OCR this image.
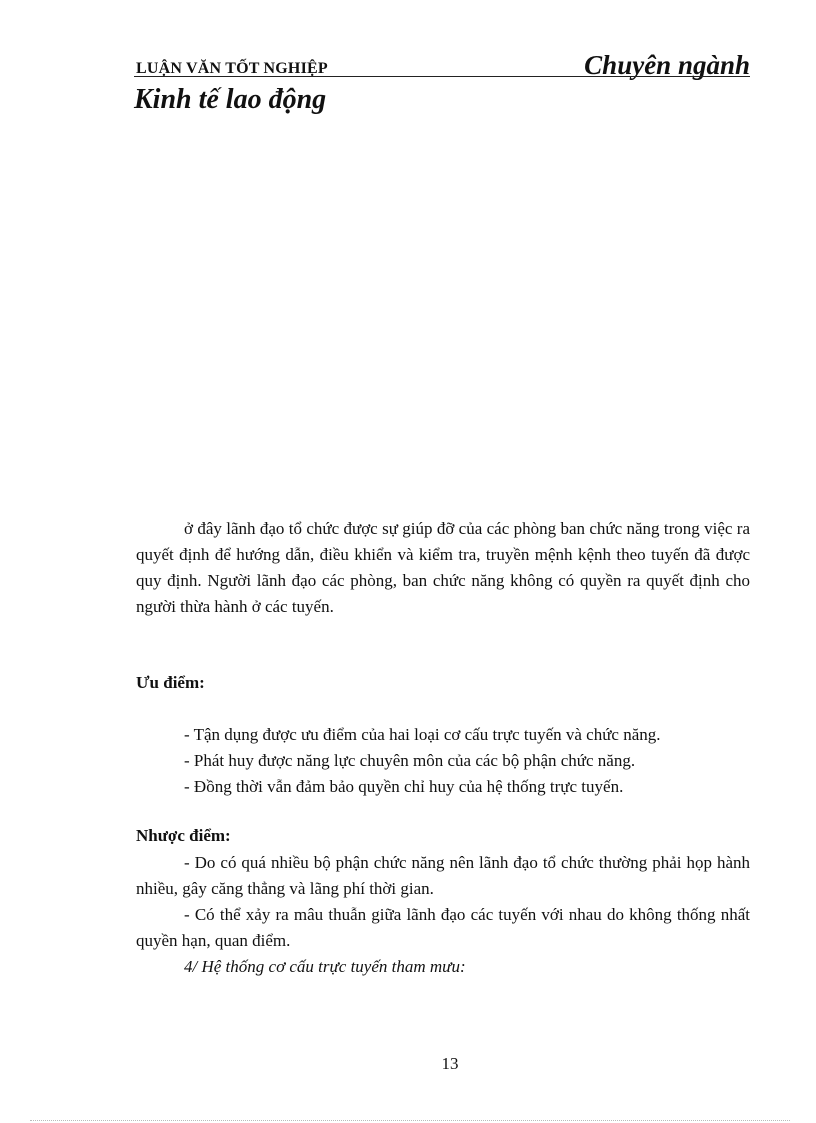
LUẬN VĂN TỐT NGHIỆP	Chuyên ngành
Kinh tế lao động

ở đây lãnh đạo tổ chức được sự giúp đỡ của các phòng ban chức năng trong việc ra quyết định để hướng dẫn, điều khiển và kiểm tra, truyền mệnh kệnh theo tuyến đã được quy định. Người lãnh đạo các phòng, ban chức năng không có quyền ra quyết định cho người thừa hành ở các tuyến.

Ưu điểm:
- Tận dụng được ưu điểm của hai loại cơ cấu trực tuyến và chức năng.
- Phát huy được năng lực chuyên môn của các bộ phận chức năng.
- Đồng thời vẫn đảm bảo quyền chỉ huy của hệ thống trực tuyến.
Nhược điểm:

- Do có quá nhiều bộ phận chức năng nên lãnh đạo tổ chức thường phải họp hành nhiều, gây căng thẳng và lãng phí thời gian.

- Có thể xảy ra mâu thuẫn giữa lãnh đạo các tuyến với nhau do không thống nhất quyền hạn, quan điểm.

4/ Hệ thống cơ cấu trực tuyến tham mưu:
13
